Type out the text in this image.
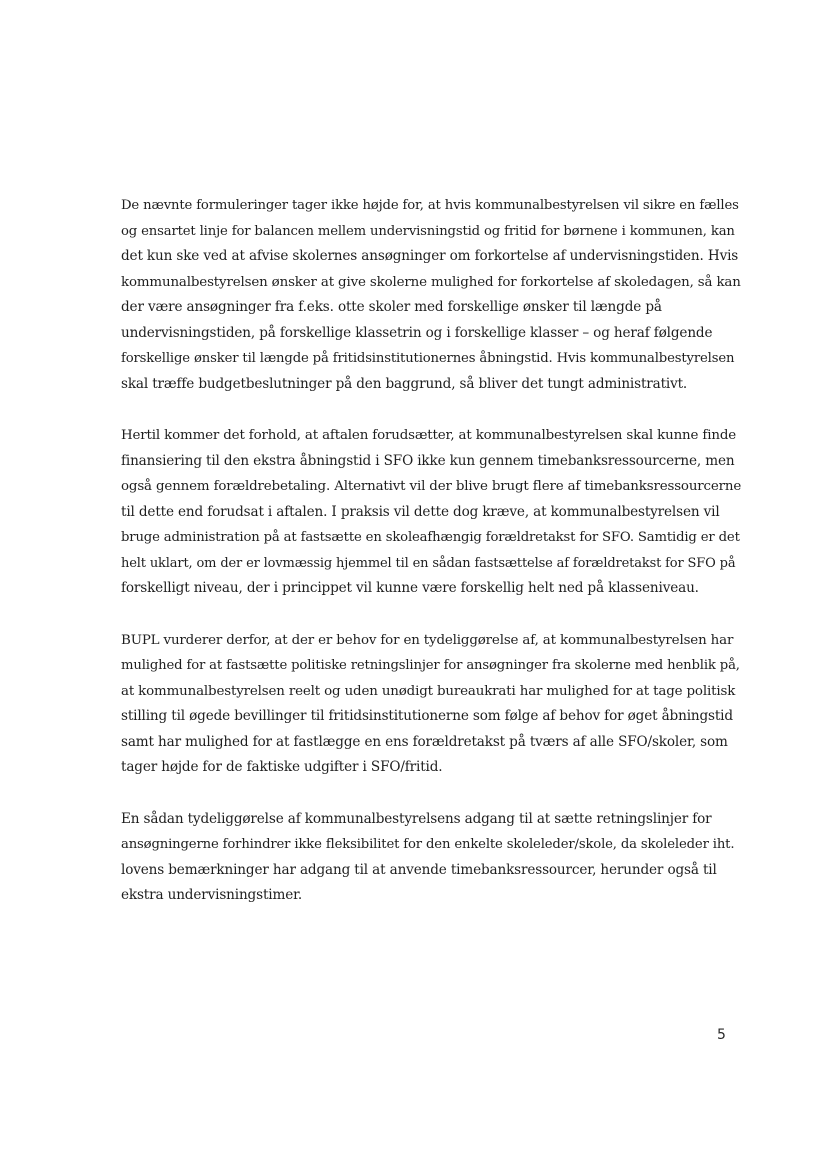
De nævnte formuleringer tager ikke højde for, at hvis kommunalbestyrelsen vil sikre en fælles
og ensartet linje for balancen mellem undervisningstid og fritid for børnene i kommunen, kan
det kun ske ved at afvise skolernes ansøgninger om forkortelse af undervisningstiden. Hvis
kommunalbestyrelsen ønsker at give skolerne mulighed for forkortelse af skoledagen, så kan
der være ansøgninger fra f.eks. otte skoler med forskellige ønsker til længde på
undervisningstiden, på forskellige klassetrin og i forskellige klasser – og heraf følgende
forskellige ønsker til længde på fritidsinstitutionernes åbningstid. Hvis kommunalbestyrelsen
skal træffe budgetbeslutninger på den baggrund, så bliver det tungt administrativt.

Hertil kommer det forhold, at aftalen forudsætter, at kommunalbestyrelsen skal kunne finde
finansiering til den ekstra åbningstid i SFO ikke kun gennem timebanksressourcerne, men
også gennem forældrebetaling. Alternativt vil der blive brugt flere af timebanksressourcerne
til dette end forudsat i aftalen. I praksis vil dette dog kræve, at kommunalbestyrelsen vil
bruge administration på at fastsætte en skoleafhængig forældretakst for SFO. Samtidig er det
helt uklart, om der er lovmæssig hjemmel til en sådan fastsættelse af forældretakst for SFO på
forskelligt niveau, der i princippet vil kunne være forskellig helt ned på klasseniveau.

BUPL vurderer derfor, at der er behov for en tydeliggørelse af, at kommunalbestyrelsen har
mulighed for at fastsætte politiske retningslinjer for ansøgninger fra skolerne med henblik på,
at kommunalbestyrelsen reelt og uden unødigt bureaukrati har mulighed for at tage politisk
stilling til øgede bevillinger til fritidsinstitutionerne som følge af behov for øget åbningstid
samt har mulighed for at fastlægge en ens forældretakst på tværs af alle SFO/skoler, som
tager højde for de faktiske udgifter i SFO/fritid.

En sådan tydeliggørelse af kommunalbestyrelsens adgang til at sætte retningslinjer for
ansøgningerne forhindrer ikke fleksibilitet for den enkelte skoleleder/skole, da skoleleder iht.
lovens bemærkninger har adgang til at anvende timebanksressourcer, herunder også til
ekstra undervisningstimer.

5
